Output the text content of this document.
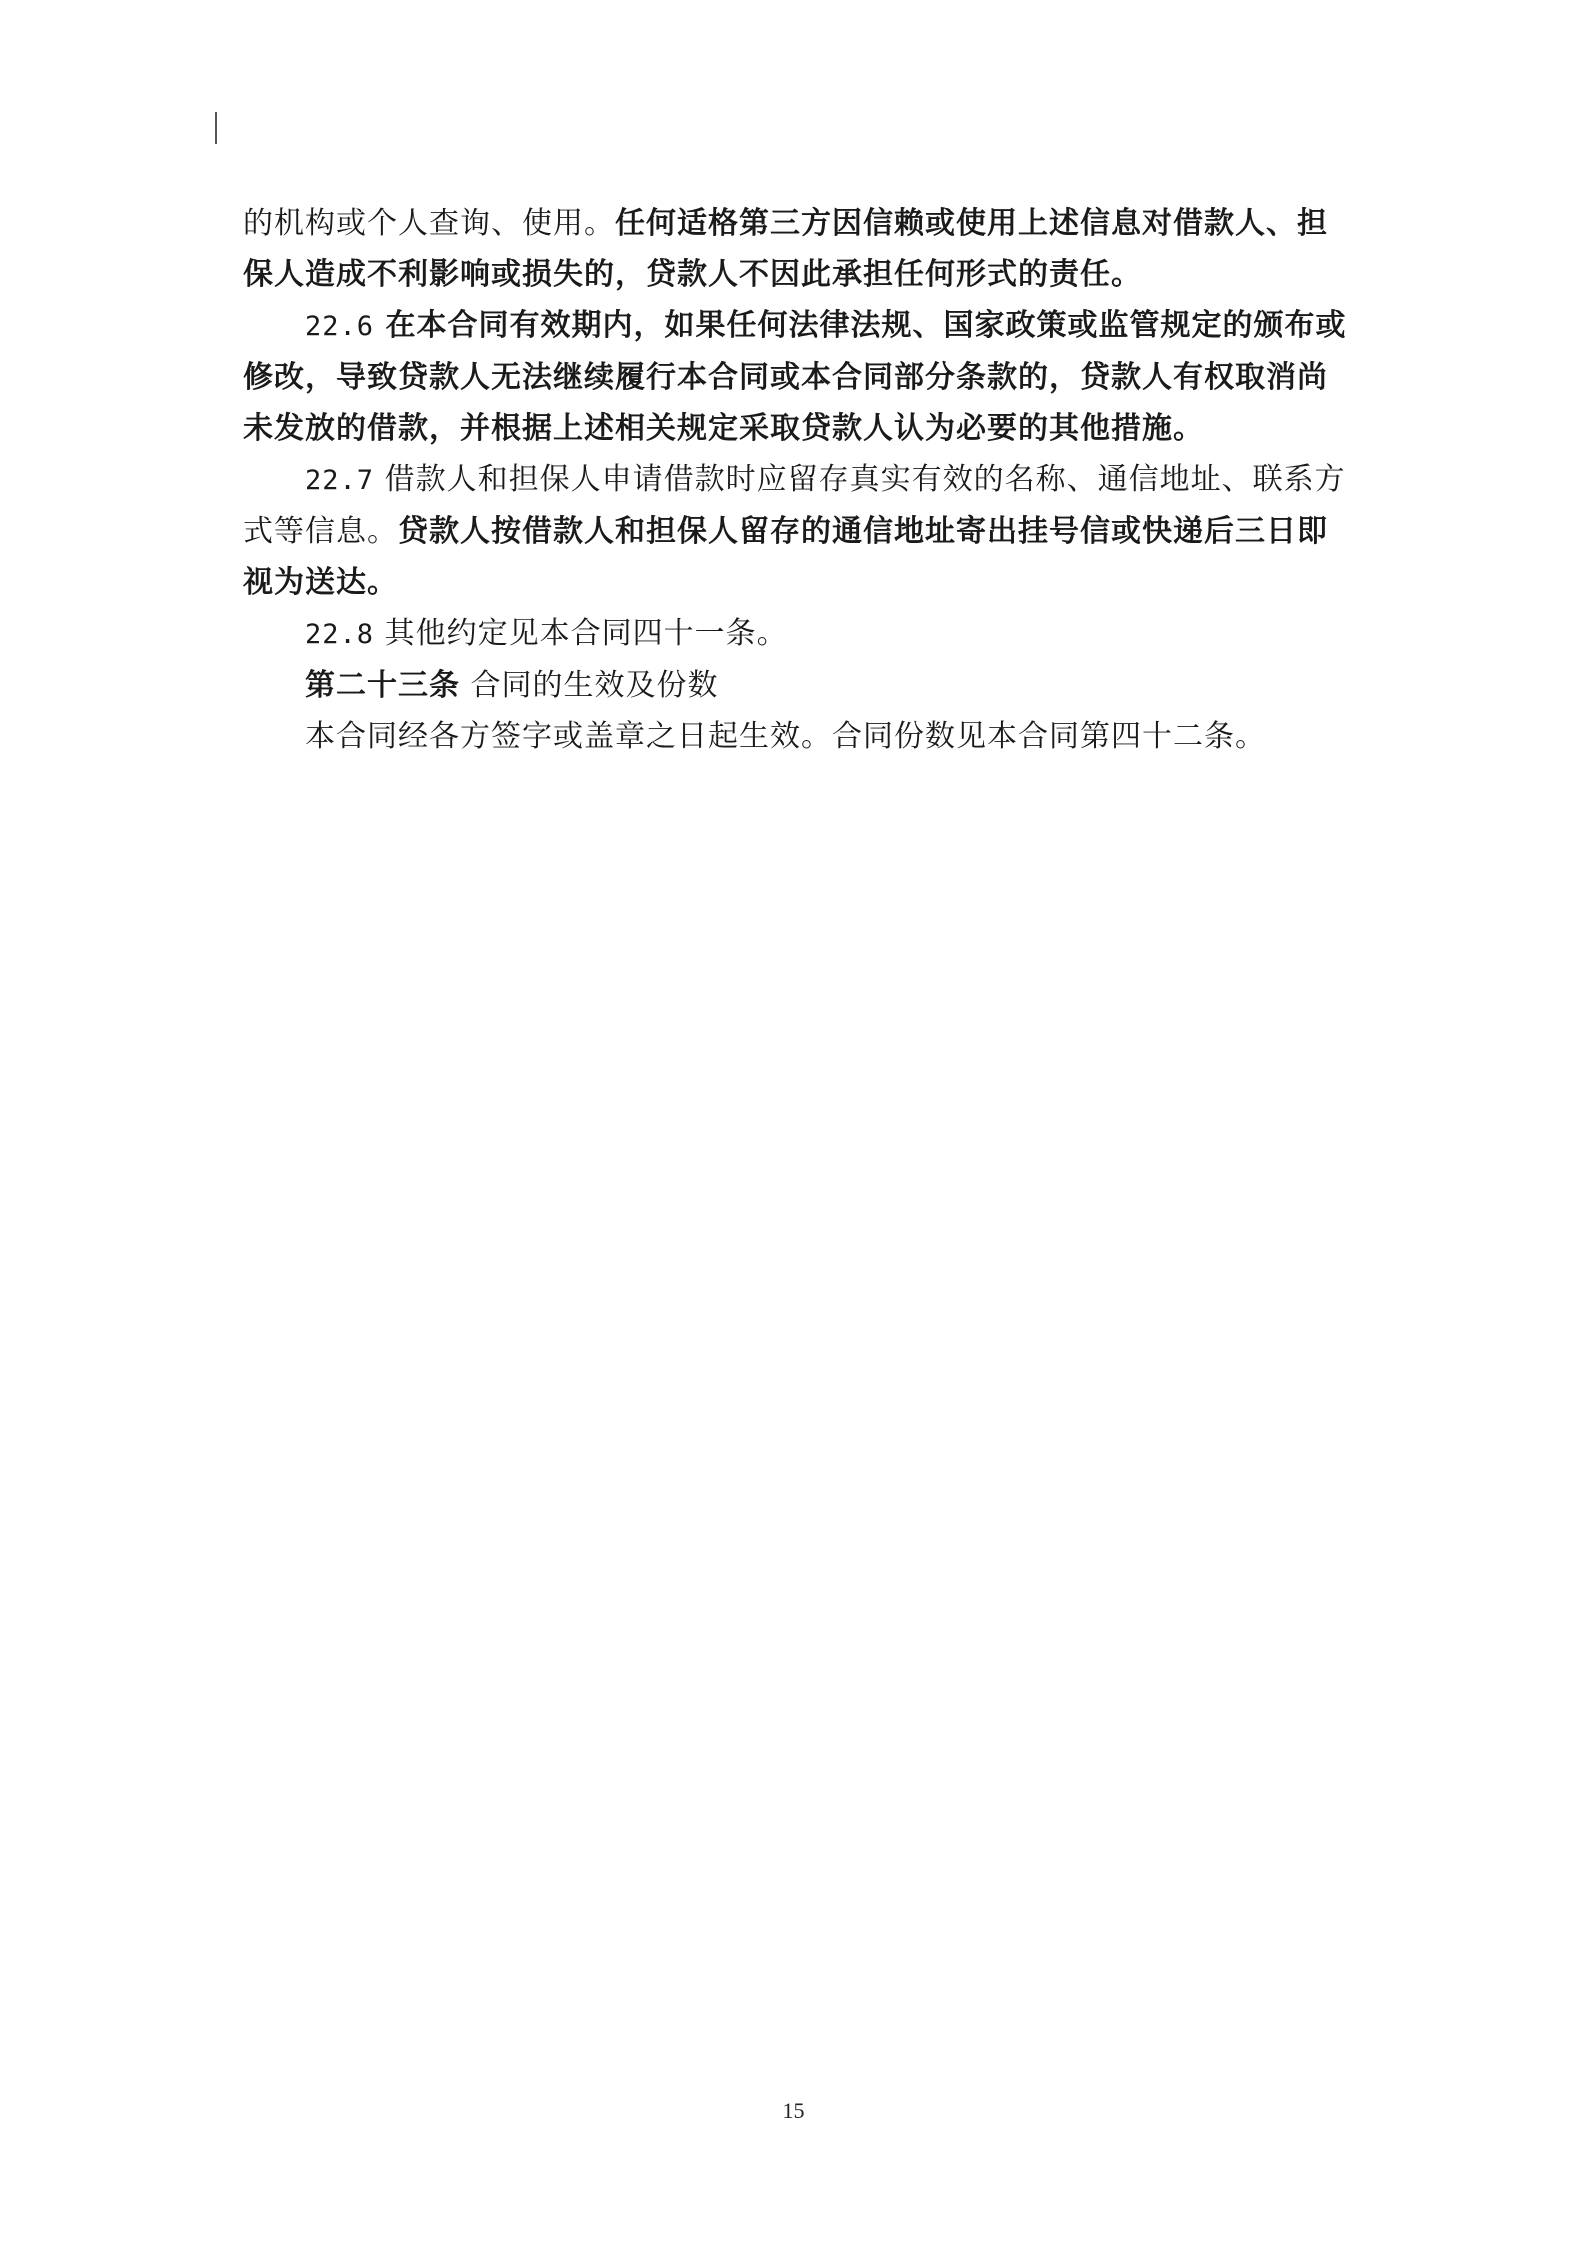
的机构或个人查询、使用。任何适格第三方因信赖或使用上述信息对借款人、担保人造成不利影响或损失的，贷款人不因此承担任何形式的责任。

22.6 在本合同有效期内，如果任何法律法规、国家政策或监管规定的颁布或修改，导致贷款人无法继续履行本合同或本合同部分条款的，贷款人有权取消尚未发放的借款，并根据上述相关规定采取贷款人认为必要的其他措施。

22.7 借款人和担保人申请借款时应留存真实有效的名称、通信地址、联系方式等信息。贷款人按借款人和担保人留存的通信地址寄出挂号信或快递后三日即视为送达。

22.8 其他约定见本合同四十一条。

第二十三条 合同的生效及份数

本合同经各方签字或盖章之日起生效。合同份数见本合同第四十二条。

15
